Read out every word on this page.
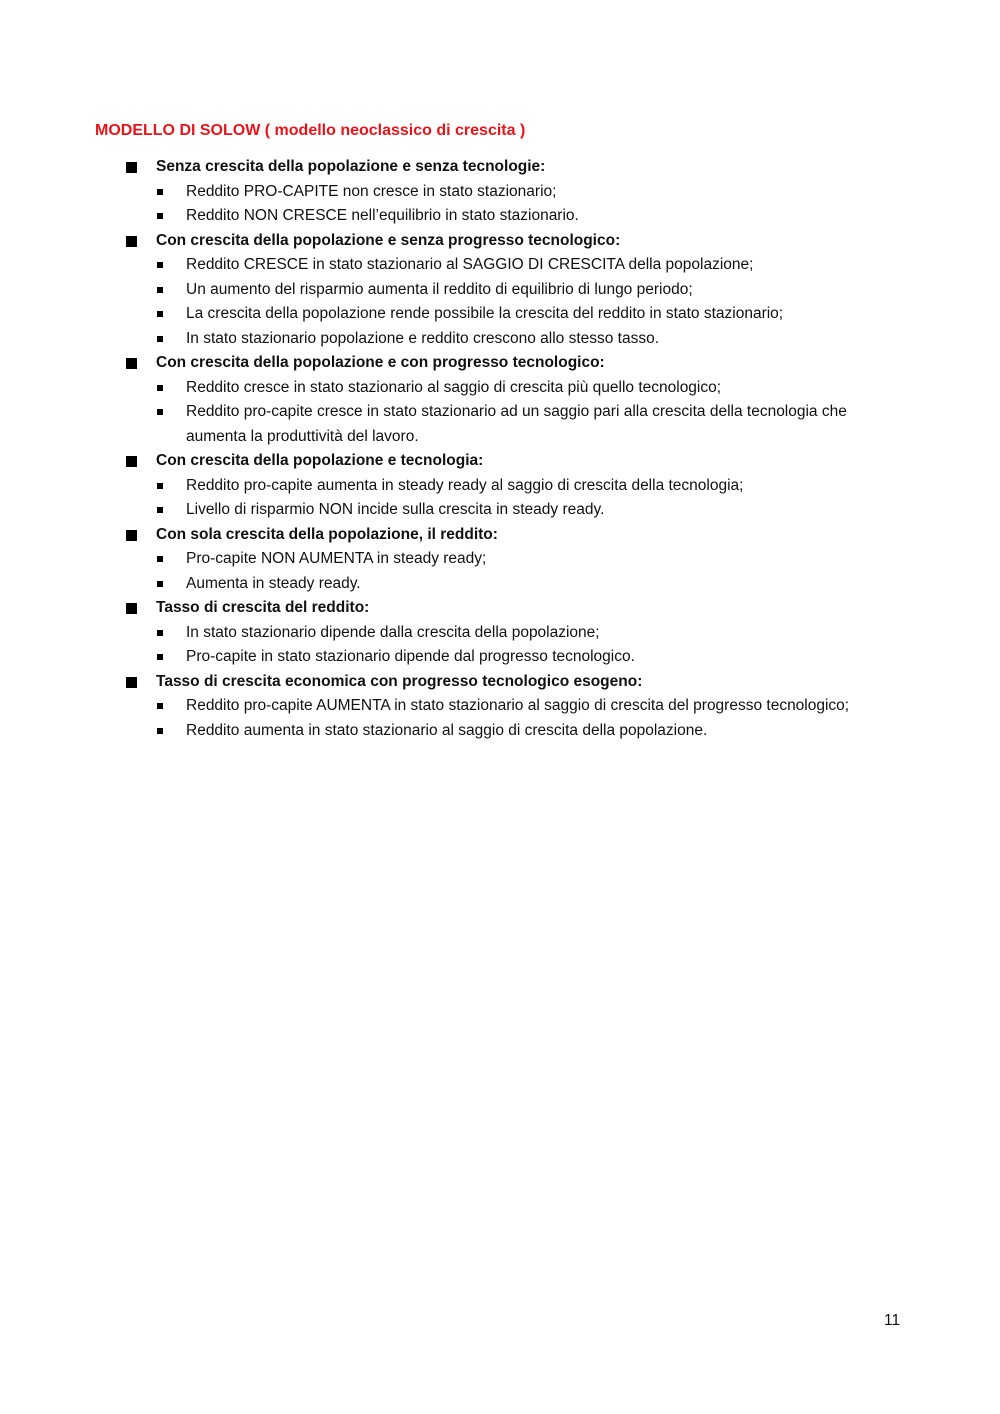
MODELLO DI SOLOW ( modello neoclassico di crescita )
Senza crescita della popolazione e senza tecnologie:
Reddito PRO-CAPITE non cresce in stato stazionario;
Reddito NON CRESCE nell’equilibrio in stato stazionario.
Con crescita della popolazione e senza progresso tecnologico:
Reddito CRESCE in stato stazionario al SAGGIO DI CRESCITA della popolazione;
Un aumento del risparmio aumenta il reddito di equilibrio di lungo periodo;
La crescita della popolazione rende possibile la crescita del reddito in stato stazionario;
In stato stazionario popolazione e reddito crescono allo stesso tasso.
Con crescita della popolazione e con progresso tecnologico:
Reddito cresce in stato stazionario al saggio di crescita più quello tecnologico;
Reddito pro-capite cresce in stato stazionario ad un saggio pari alla crescita della tecnologia che aumenta la produttività del lavoro.
Con crescita della popolazione e tecnologia:
Reddito pro-capite aumenta in steady ready al saggio di crescita della tecnologia;
Livello di risparmio NON incide sulla crescita in steady ready.
Con sola crescita della popolazione, il reddito:
Pro-capite NON AUMENTA in steady ready;
Aumenta in steady ready.
Tasso di crescita del reddito:
In stato stazionario dipende dalla crescita della popolazione;
Pro-capite in stato stazionario dipende dal progresso tecnologico.
Tasso di crescita economica con progresso tecnologico esogeno:
Reddito pro-capite AUMENTA in stato stazionario al saggio di crescita del progresso tecnologico;
Reddito aumenta in stato stazionario al saggio di crescita della popolazione.
11
